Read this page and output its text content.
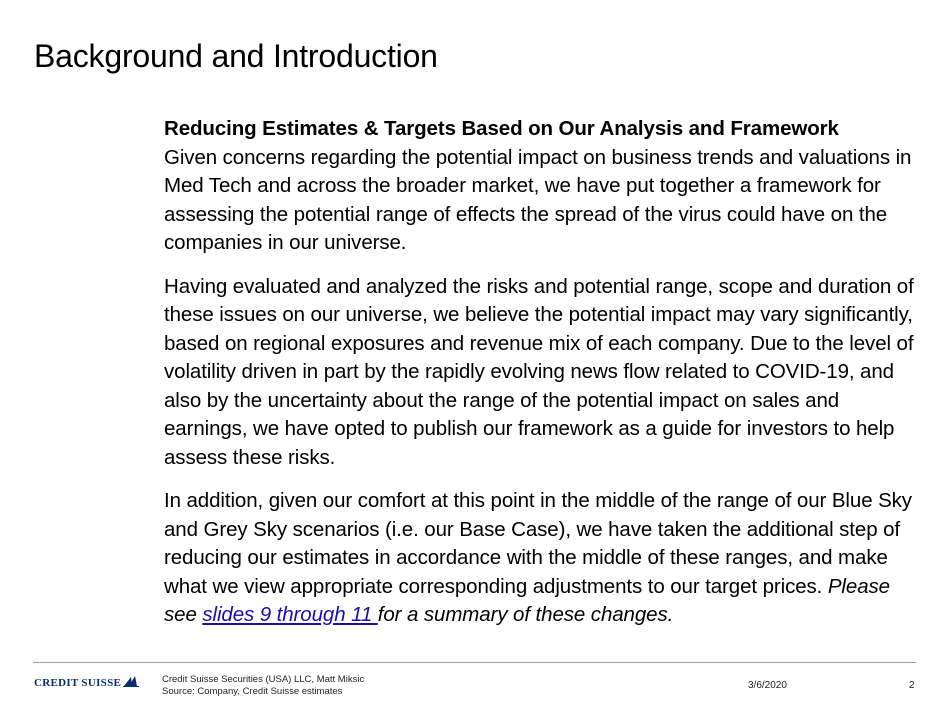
Background and Introduction

Reducing Estimates & Targets Based on Our Analysis and Framework
Given concerns regarding the potential impact on business trends and valuations in Med Tech and across the broader market, we have put together a framework for assessing the potential range of effects the spread of the virus could have on the companies in our universe.

Having evaluated and analyzed the risks and potential range, scope and duration of these issues on our universe, we believe the potential impact may vary significantly, based on regional exposures and revenue mix of each company. Due to the level of volatility driven in part by the rapidly evolving news flow related to COVID-19, and also by the uncertainty about the range of the potential impact on sales and earnings, we have opted to publish our framework as a guide for investors to help assess these risks.

In addition, given our comfort at this point in the middle of the range of our Blue Sky and Grey Sky scenarios (i.e. our Base Case), we have taken the additional step of reducing our estimates in accordance with the middle of these ranges, and make what we view appropriate corresponding adjustments to our target prices. Please see slides 9 through 11 for a summary of these changes.

CREDIT SUISSE	Credit Suisse Securities (USA) LLC, Matt Miksic
Source: Company, Credit Suisse estimates
3/6/2020	2
